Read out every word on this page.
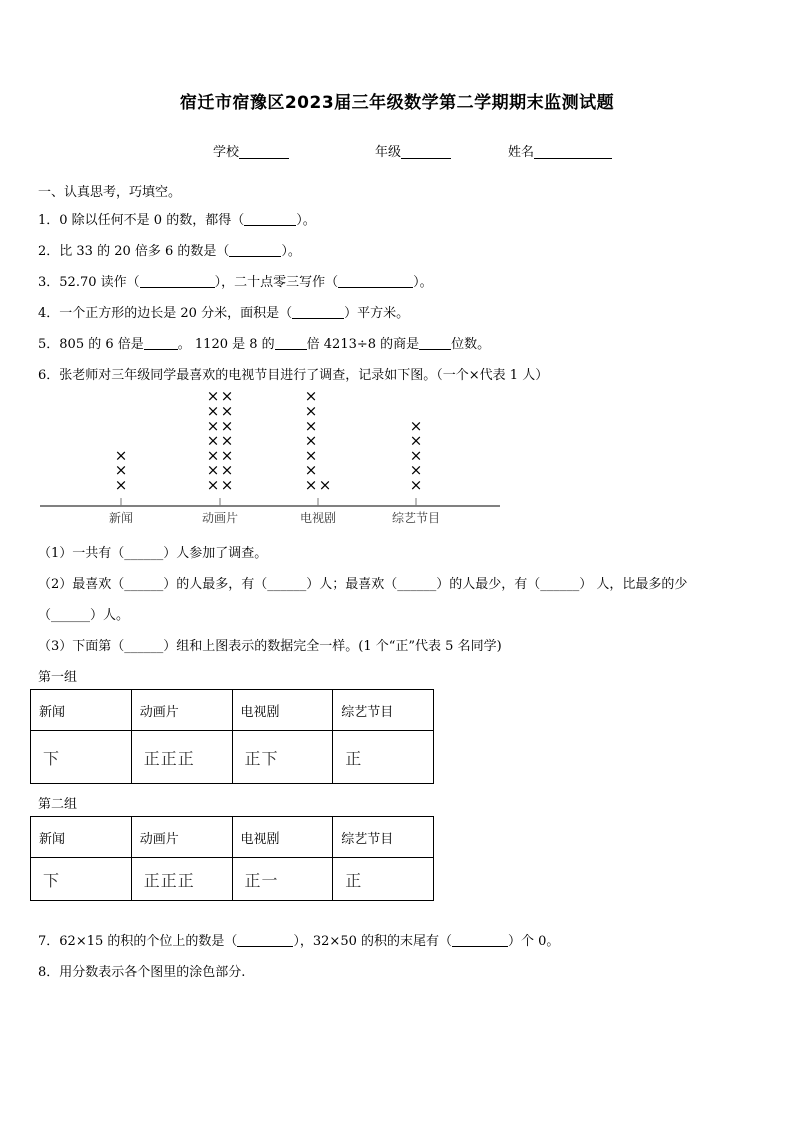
宿迁市宿豫区2023届三年级数学第二学期期末监测试题
学校	年级	姓名
一、认真思考，巧填空。
1．0 除以任何不是 0 的数，都得（	）。
2．比 33 的 20 倍多 6 的数是（	）。
3．52.70 读作（	），二十点零三写作（	）。
4．一个正方形的边长是 20 分米，面积是（	）平方米。
5．805 的 6 倍是	。 1120 是 8 的 倍 4213÷8 的商是 位数。
6．张老师对三年级同学最喜欢的电视节目进行了调查，记录如下图。（一个×代表 1 人）
×
×
×
新闻
×
×
×
×
×
×
×
×
×
×
×
×
×
×
动画片
×
×
×
×
×
×
×
×
电视剧
×
×
×
×
×
综艺节目
（1）一共有（______）人参加了调查。
（2）最喜欢（______）的人最多，有（______）人；最喜欢（______）的人最少，有（______） 人，比最多的少
（______）人。
（3）下面第（______）组和上图表示的数据完全一样。(1 个“正”代表 5 名同学)
第一组
新闻	动画片	电视剧	综艺节目
下	正正正	正下	正
第二组
新闻	动画片	电视剧	综艺节目
下	正正正	正一	正
7．62×15 的积的个位上的数是（	），32×50 的积的末尾有（	）个 0。
8．用分数表示各个图里的涂色部分.
